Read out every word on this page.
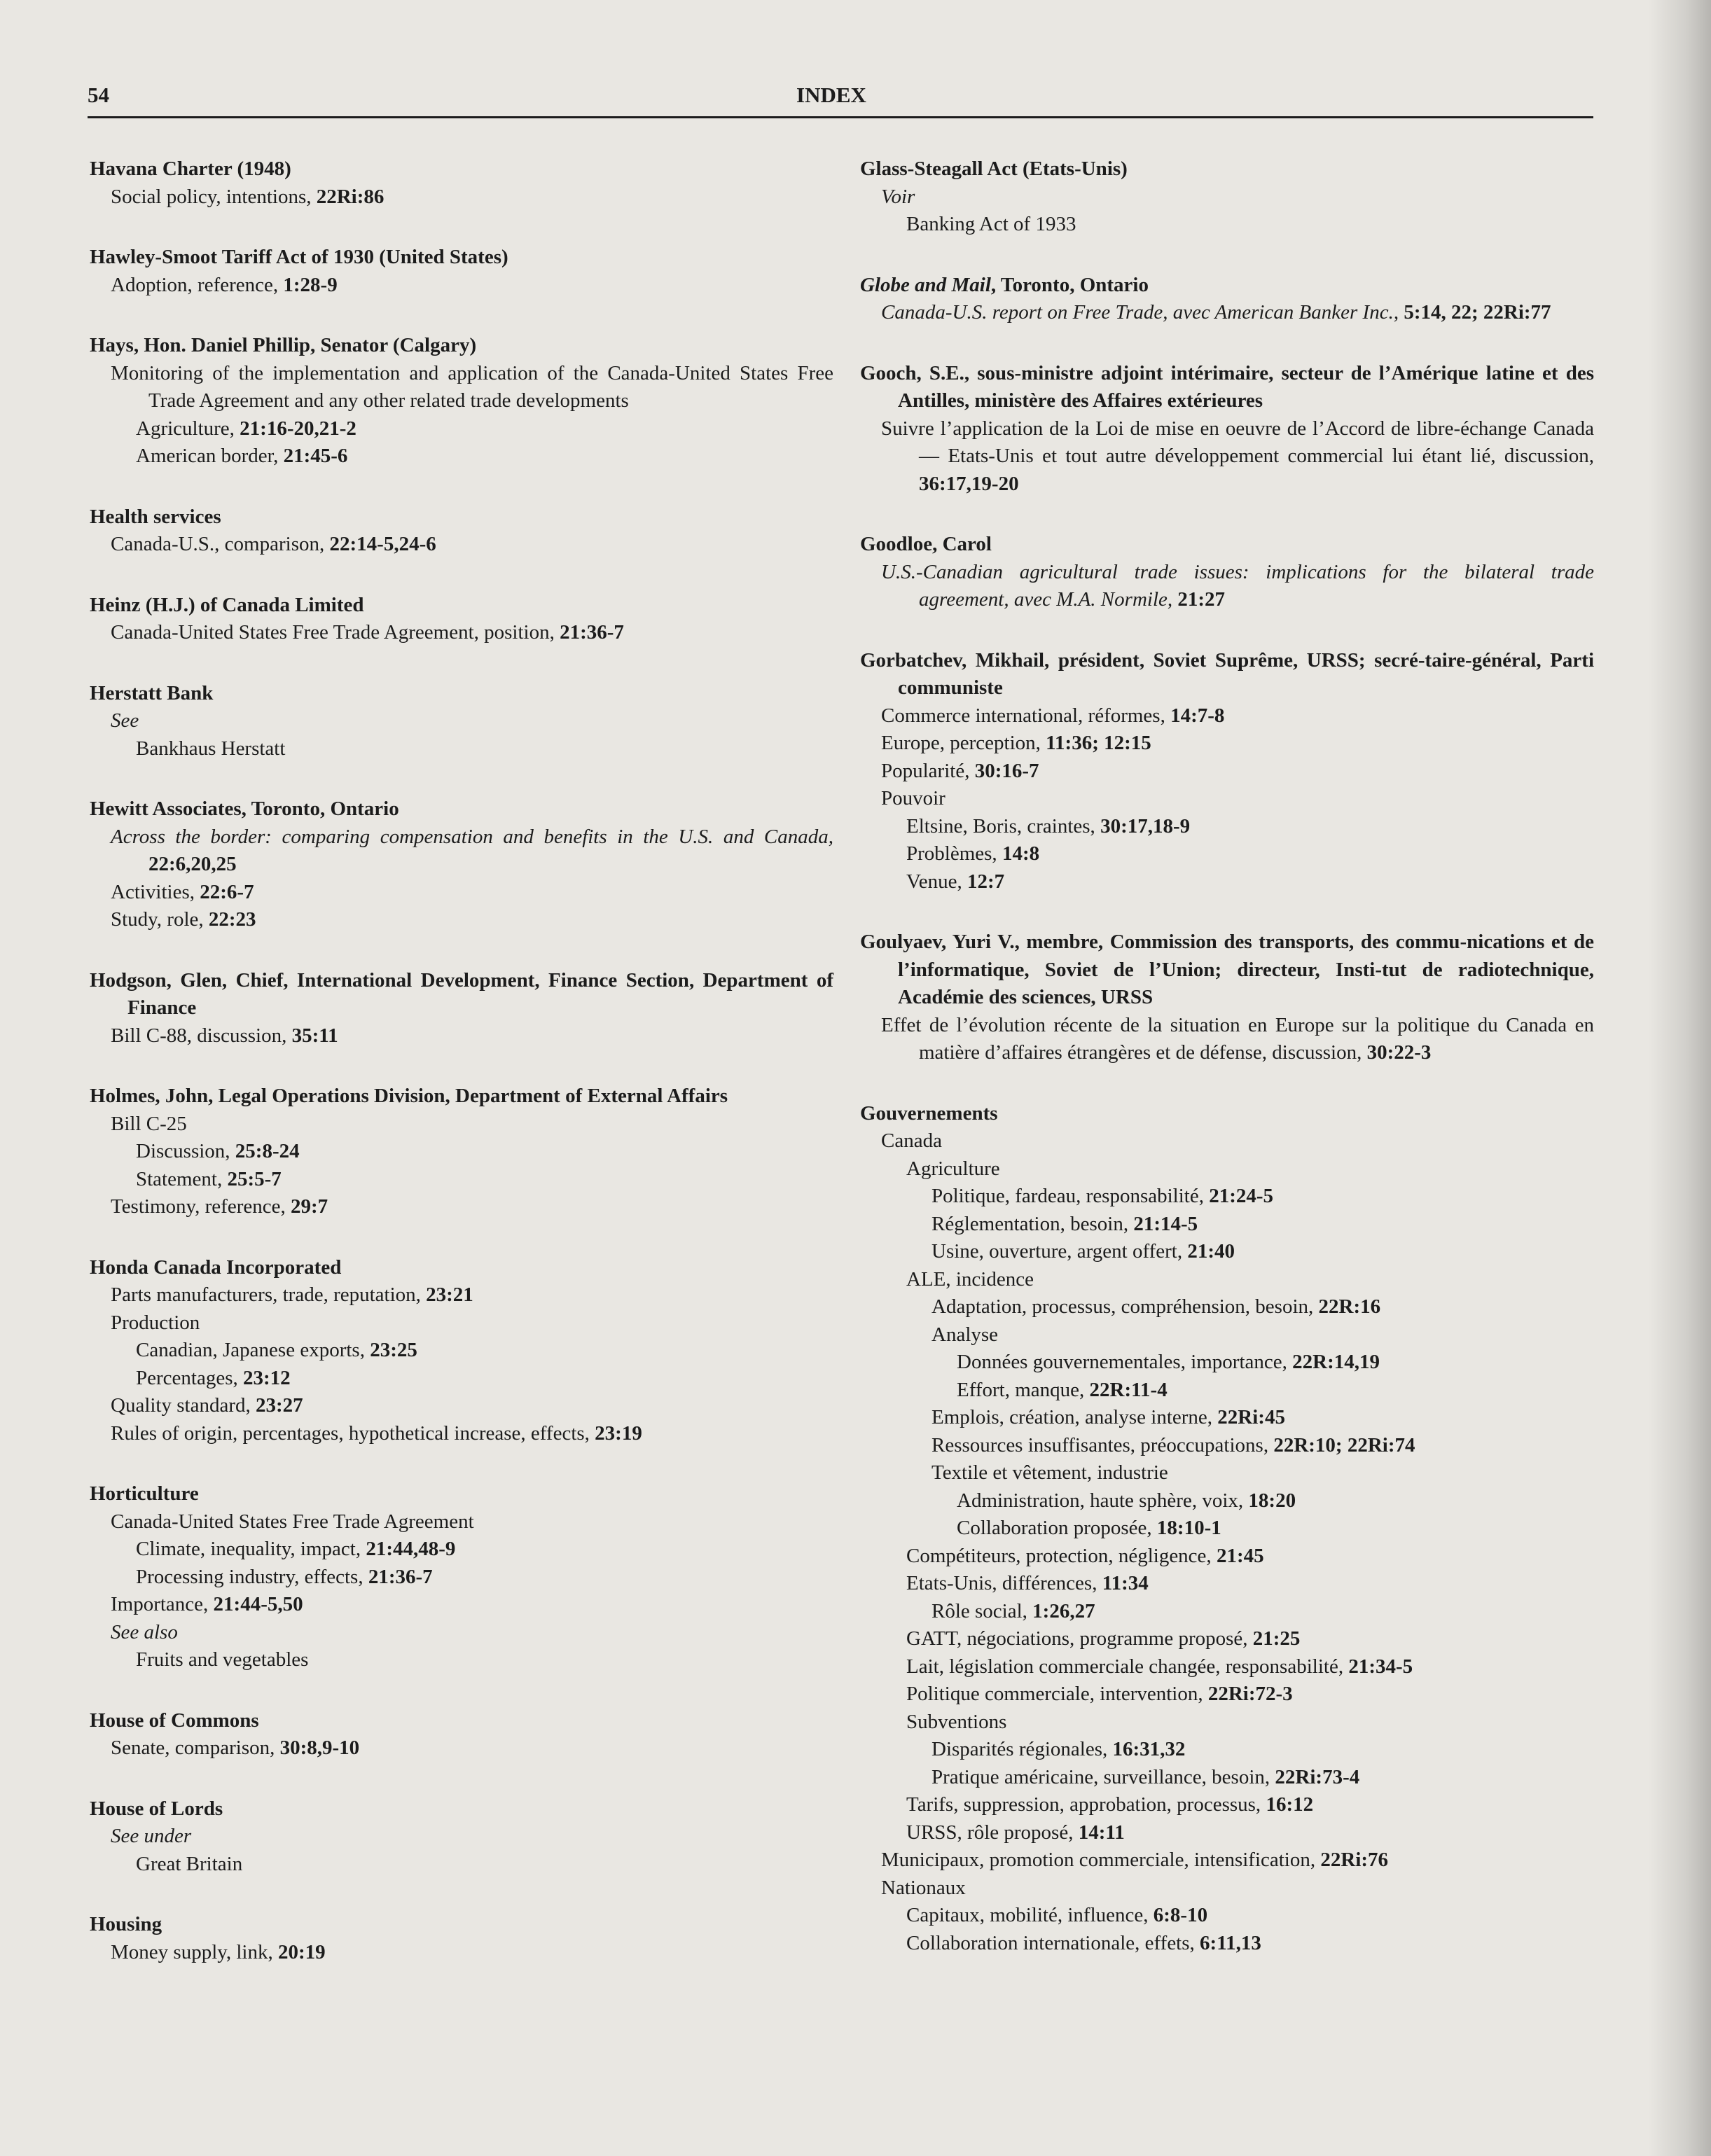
54	INDEX
Havana Charter (1948)
Social policy, intentions, 22Ri:86
Hawley-Smoot Tariff Act of 1930 (United States)
Adoption, reference, 1:28-9
Hays, Hon. Daniel Phillip, Senator (Calgary)
Monitoring of the implementation and application of the Canada-United States Free Trade Agreement and any other related trade developments
Agriculture, 21:16-20,21-2
American border, 21:45-6
Health services
Canada-U.S., comparison, 22:14-5,24-6
Heinz (H.J.) of Canada Limited
Canada-United States Free Trade Agreement, position, 21:36-7
Herstatt Bank
See
Bankhaus Herstatt
Hewitt Associates, Toronto, Ontario
Across the border: comparing compensation and benefits in the U.S. and Canada, 22:6,20,25
Activities, 22:6-7
Study, role, 22:23
Hodgson, Glen, Chief, International Development, Finance Section, Department of Finance
Bill C-88, discussion, 35:11
Holmes, John, Legal Operations Division, Department of External Affairs
Bill C-25
Discussion, 25:8-24
Statement, 25:5-7
Testimony, reference, 29:7
Honda Canada Incorporated
Parts manufacturers, trade, reputation, 23:21
Production
Canadian, Japanese exports, 23:25
Percentages, 23:12
Quality standard, 23:27
Rules of origin, percentages, hypothetical increase, effects, 23:19
Horticulture
Canada-United States Free Trade Agreement
Climate, inequality, impact, 21:44,48-9
Processing industry, effects, 21:36-7
Importance, 21:44-5,50
See also
Fruits and vegetables
House of Commons
Senate, comparison, 30:8,9-10
House of Lords
See under
Great Britain
Housing
Money supply, link, 20:19
Glass-Steagall Act (Etats-Unis)
Voir
Banking Act of 1933
Globe and Mail, Toronto, Ontario
Canada-U.S. report on Free Trade, avec American Banker Inc., 5:14, 22; 22Ri:77
Gooch, S.E., sous-ministre adjoint intérimaire, secteur de l’Amérique latine et des Antilles, ministère des Affaires extérieures
Suivre l’application de la Loi de mise en oeuvre de l’Accord de libre-échange Canada — Etats-Unis et tout autre développement commercial lui étant lié, discussion, 36:17,19-20
Goodloe, Carol
U.S.-Canadian agricultural trade issues: implications for the bilateral trade agreement, avec M.A. Normile, 21:27
Gorbatchev, Mikhail, président, Soviet Suprême, URSS; secré-taire-général, Parti communiste
Commerce international, réformes, 14:7-8
Europe, perception, 11:36; 12:15
Popularité, 30:16-7
Pouvoir
Eltsine, Boris, craintes, 30:17,18-9
Problèmes, 14:8
Venue, 12:7
Goulyaev, Yuri V., membre, Commission des transports, des commu-nications et de l’informatique, Soviet de l’Union; directeur, Insti-tut de radiotechnique, Académie des sciences, URSS
Effet de l’évolution récente de la situation en Europe sur la politique du Canada en matière d’affaires étrangères et de défense, discussion, 30:22-3
Gouvernements
Canada
Agriculture
Politique, fardeau, responsabilité, 21:24-5
Réglementation, besoin, 21:14-5
Usine, ouverture, argent offert, 21:40
ALE, incidence
Adaptation, processus, compréhension, besoin, 22R:16
Analyse
Données gouvernementales, importance, 22R:14,19
Effort, manque, 22R:11-4
Emplois, création, analyse interne, 22Ri:45
Ressources insuffisantes, préoccupations, 22R:10; 22Ri:74
Textile et vêtement, industrie
Administration, haute sphère, voix, 18:20
Collaboration proposée, 18:10-1
Compétiteurs, protection, négligence, 21:45
Etats-Unis, différences, 11:34
Rôle social, 1:26,27
GATT, négociations, programme proposé, 21:25
Lait, législation commerciale changée, responsabilité, 21:34-5
Politique commerciale, intervention, 22Ri:72-3
Subventions
Disparités régionales, 16:31,32
Pratique américaine, surveillance, besoin, 22Ri:73-4
Tarifs, suppression, approbation, processus, 16:12
URSS, rôle proposé, 14:11
Municipaux, promotion commerciale, intensification, 22Ri:76
Nationaux
Capitaux, mobilité, influence, 6:8-10
Collaboration internationale, effets, 6:11,13
